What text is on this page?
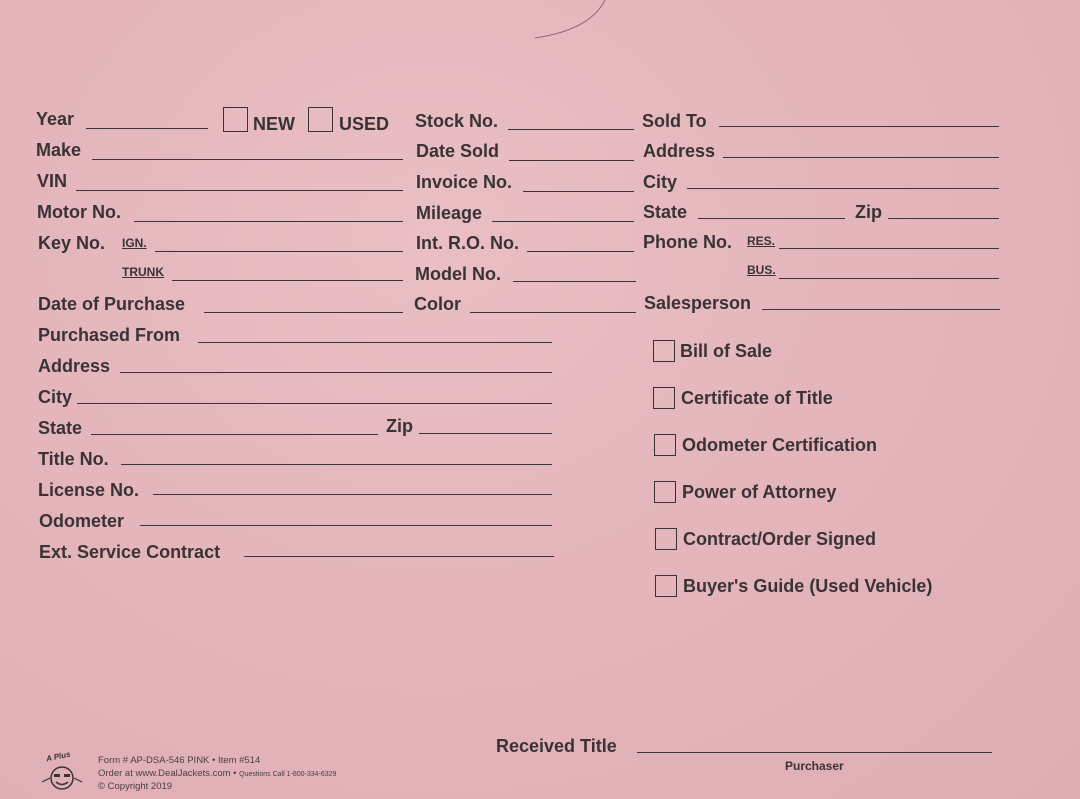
Year	NEW USED
Make
VIN
Motor No.
Key No. IGN.
TRUNK
Date of Purchase
Purchased From
Address
City
State	Zip
Title No.
License No.
Odometer
Ext. Service Contract
Stock No.
Date Sold
Invoice No.
Mileage
Int. R.O. No.
Model No.
Color
Sold To
Address
City
State	Zip
Phone No. RES.
BUS.
Salesperson
Bill of Sale
Certificate of Title
Odometer Certification
Power of Attorney
Contract/Order Signed
Buyer's Guide (Used Vehicle)
Received Title
Purchaser
A Plus	Form # AP-DSA-546 PINK • Item #514
Order at www.DealJackets.com • Questions Call 1-800-334-6329
© Copyright 2019
